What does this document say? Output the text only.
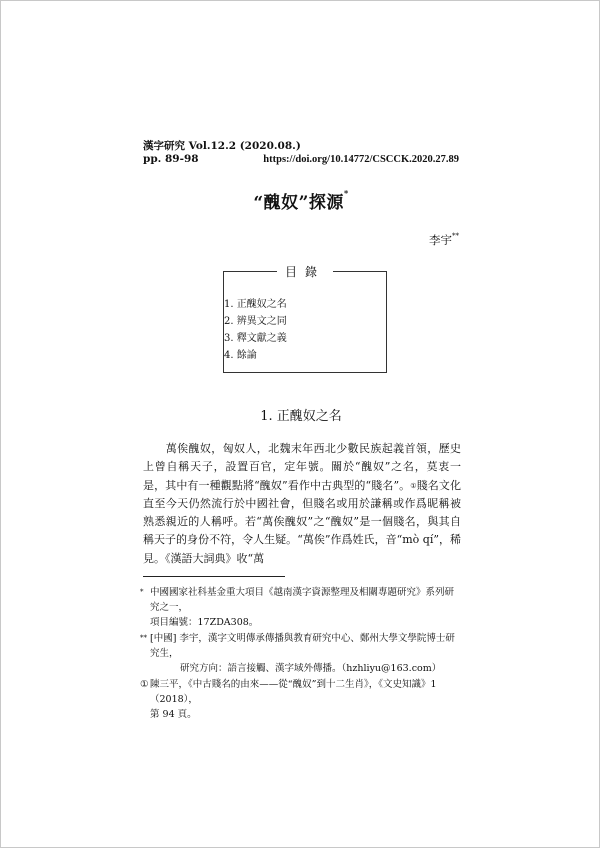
漢字研究 Vol.12.2 (2020.08.)
pp. 89-98	https://doi.org/10.14772/CSCCK.2020.27.89
“醜奴”探源*
李宇**
目錄
1. 正醜奴之名
2. 辨異文之同
3. 釋文獻之義
4. 餘論
1. 正醜奴之名

　　萬俟醜奴，匈奴人，北魏末年西北少數民族起義首領，歷史上曾自稱天子，設置百官，定年號。關於“醜奴”之名，莫衷一是，其中有一種觀點將“醜奴”看作中古典型的“賤名”。①賤名文化直至今天仍然流行於中國社會，但賤名或用於謙稱或作爲昵稱被熟悉親近的人稱呼。若“萬俟醜奴”之“醜奴”是一個賤名，與其自稱天子的身份不符，令人生疑。“萬俟”作爲姓氏，音“mò qí”，稀見。《漢語大詞典》收“萬

* 中國國家社科基金重大項目《越南漢字資源整理及相關專題研究》系列研究之一，
項目編號：17ZDA308。
** [中國] 李宇，漢字文明傳承傳播與教育研究中心、鄭州大學文學院博士研究生，
研究方向：語言接觸、漢字域外傳播。（hzhliyu@163.com）
① 陳三平，《中古賤名的由來——從“醜奴”到十二生肖》，《文史知識》1（2018），
第 94 頁。
